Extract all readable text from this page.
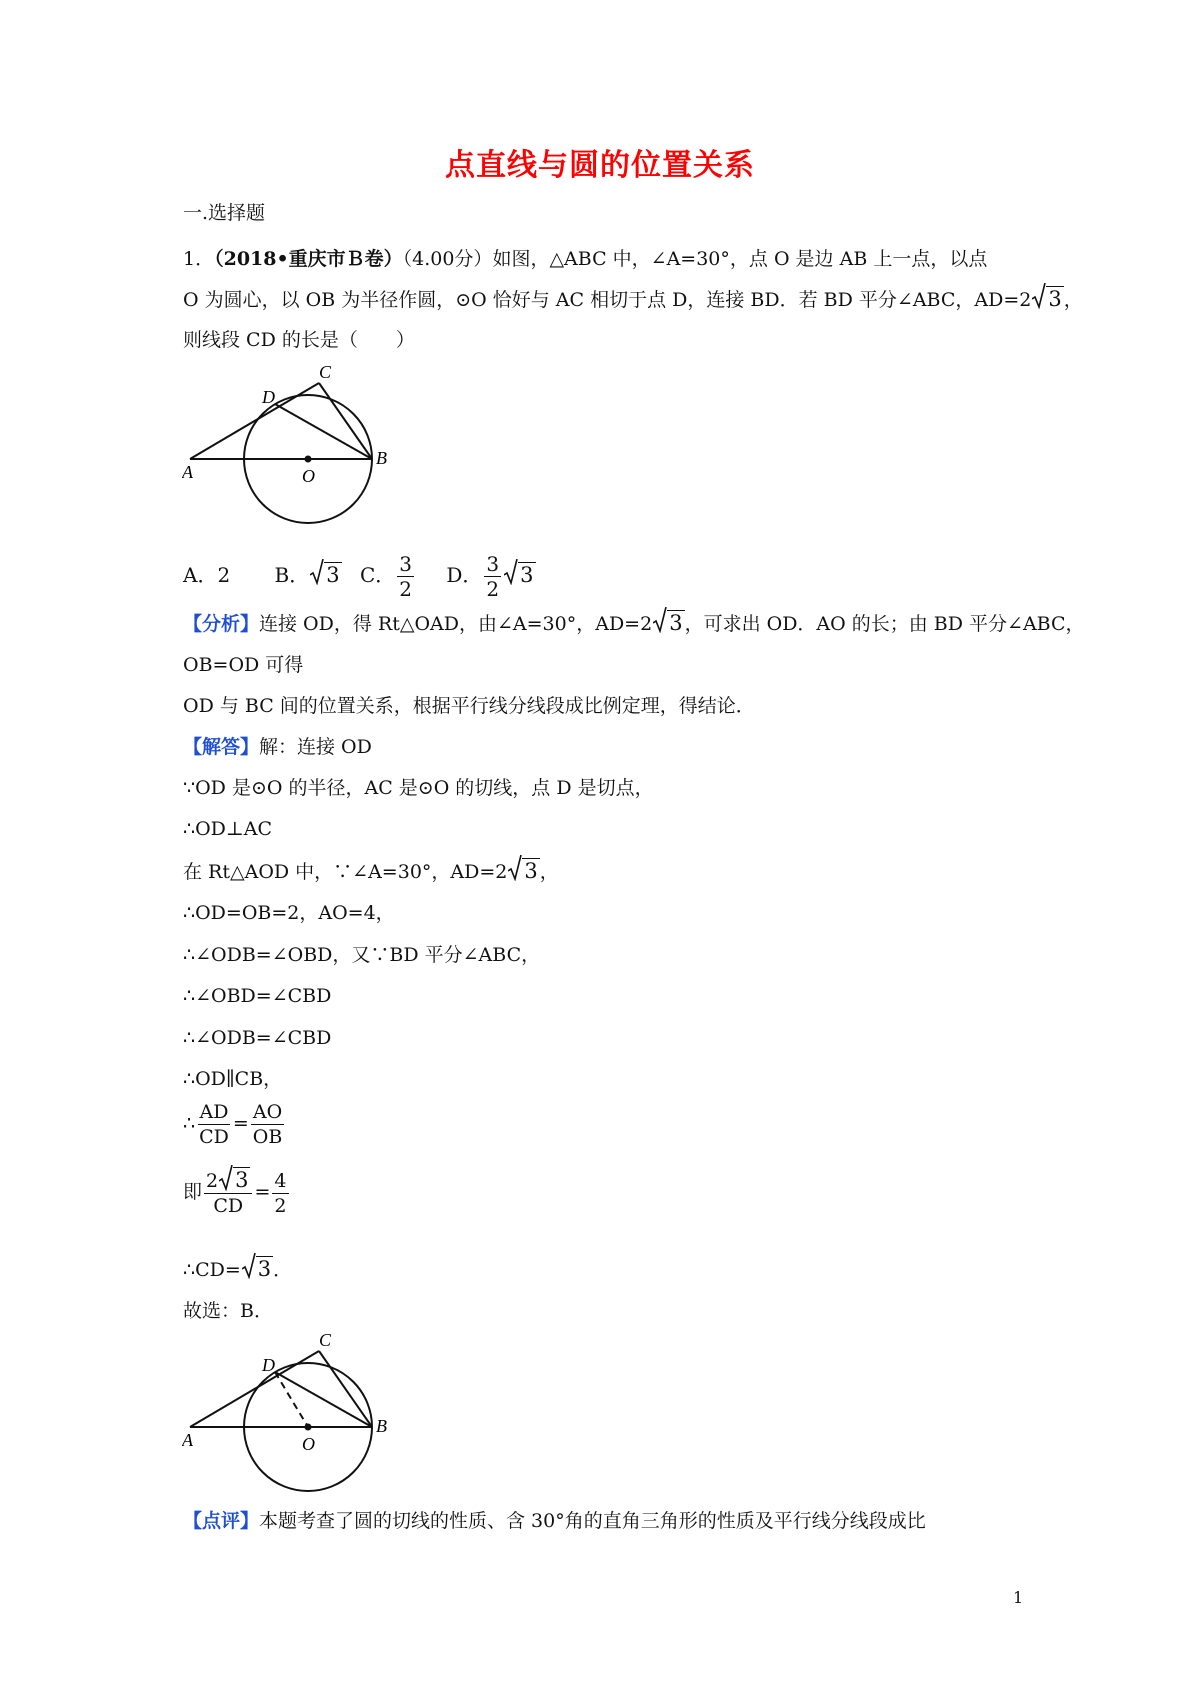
点直线与圆的位置关系
一.选择题
1．（2018•重庆市Ｂ卷）（4.00分）如图，△ABC 中，∠A=30°，点 O 是边 AB 上一点，以点
O 为圆心，以 OB 为半径作圆，⊙O 恰好与 AC 相切于点 D，连接 BD．若 BD 平分∠ABC，AD=2 3 ，
则线段 CD 的长是（　　）
A
B
C
D
O
A．2 B． 3 C． $\frac{3}{2}$ D． $\frac{3}{2} 3$
【分析】连接 OD，得 Rt△OAD，由∠A=30°，AD=2 3 ，可求出 OD．AO 的长；由 BD 平分∠ABC，
OB=OD 可得
OD 与 BC 间的位置关系，根据平行线分线段成比例定理，得结论．
【解答】解：连接 OD
∵OD 是⊙O 的半径，AC 是⊙O 的切线，点 D 是切点，
∴OD⊥AC
在 Rt△AOD 中，∵∠A=30°，AD=2 3 ，
∴OD=OB=2，AO=4，
∴∠ODB=∠OBD，又∵BD 平分∠ABC，
∴∠OBD=∠CBD
∴∠ODB=∠CBD
∴OD∥CB，
∴ $\frac{AD}{CD} = \frac{AO}{OB}$
即 $\frac{2 3}{CD} = \frac{4}{2}$
∴CD= 3 ．
故选：B．
A
B
C
D
O
【点评】本题考查了圆的切线的性质、含 30°角的直角三角形的性质及平行线分线段成比
1
